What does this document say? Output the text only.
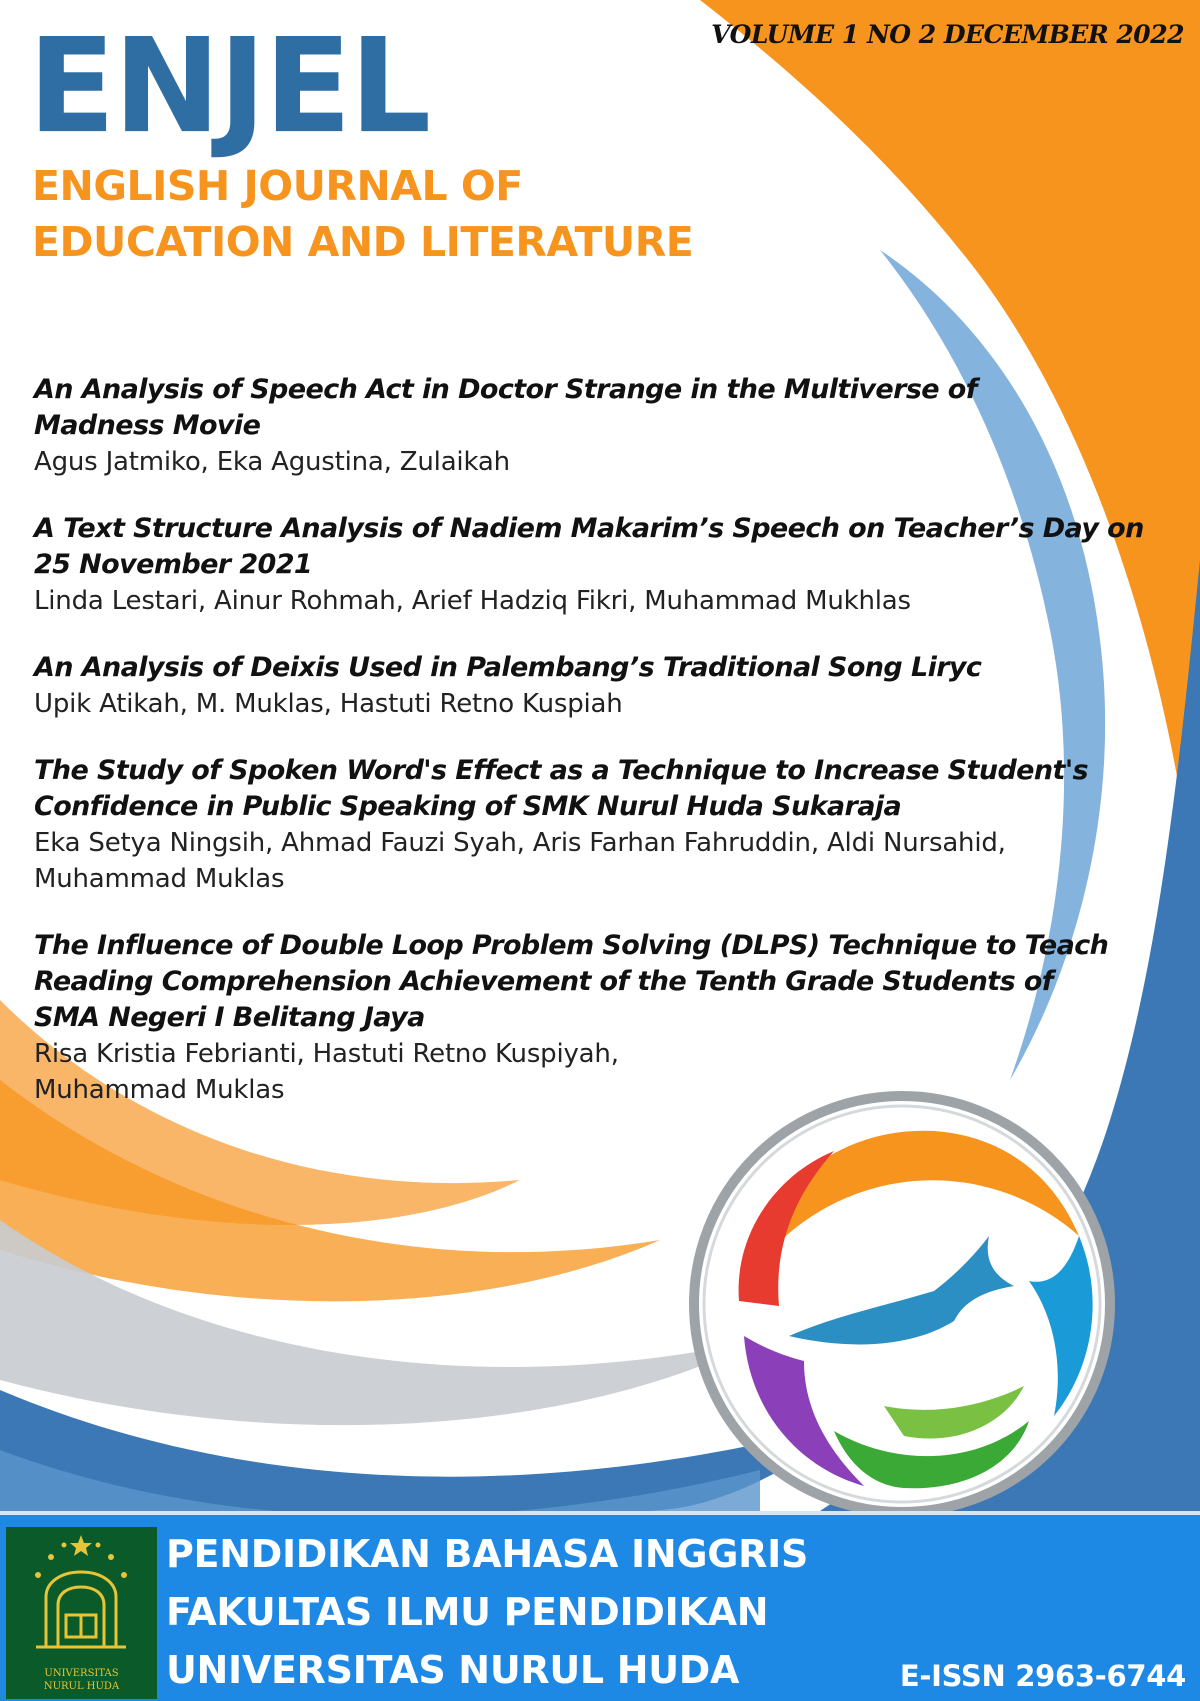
VOLUME 1 NO 2 DECEMBER 2022
ENJEL
ENGLISH JOURNAL OF
EDUCATION AND LITERATURE
An Analysis of Speech Act in Doctor Strange in the Multiverse of
Madness Movie
Agus Jatmiko, Eka Agustina, Zulaikah
A Text Structure Analysis of Nadiem Makarim’s Speech on Teacher’s Day on
25 November 2021
Linda Lestari, Ainur Rohmah, Arief Hadziq Fikri, Muhammad Mukhlas
An Analysis of Deixis Used in Palembang’s Traditional Song Liryc
Upik Atikah, M. Muklas, Hastuti Retno Kuspiah
The Study of Spoken Word's Effect as a Technique to Increase Student's
Confidence in Public Speaking of SMK Nurul Huda Sukaraja
Eka Setya Ningsih, Ahmad Fauzi Syah, Aris Farhan Fahruddin, Aldi Nursahid,
Muhammad Muklas
The Influence of Double Loop Problem Solving (DLPS) Technique to Teach
Reading Comprehension Achievement of the Tenth Grade Students of
SMA Negeri I Belitang Jaya
Risa Kristia Febrianti, Hastuti Retno Kuspiyah,
Muhammad Muklas
UNIVERSITAS
NURUL HUDA
PENDIDIKAN BAHASA INGGRIS
FAKULTAS ILMU PENDIDIKAN
UNIVERSITAS NURUL HUDA	E-ISSN 2963-6744
